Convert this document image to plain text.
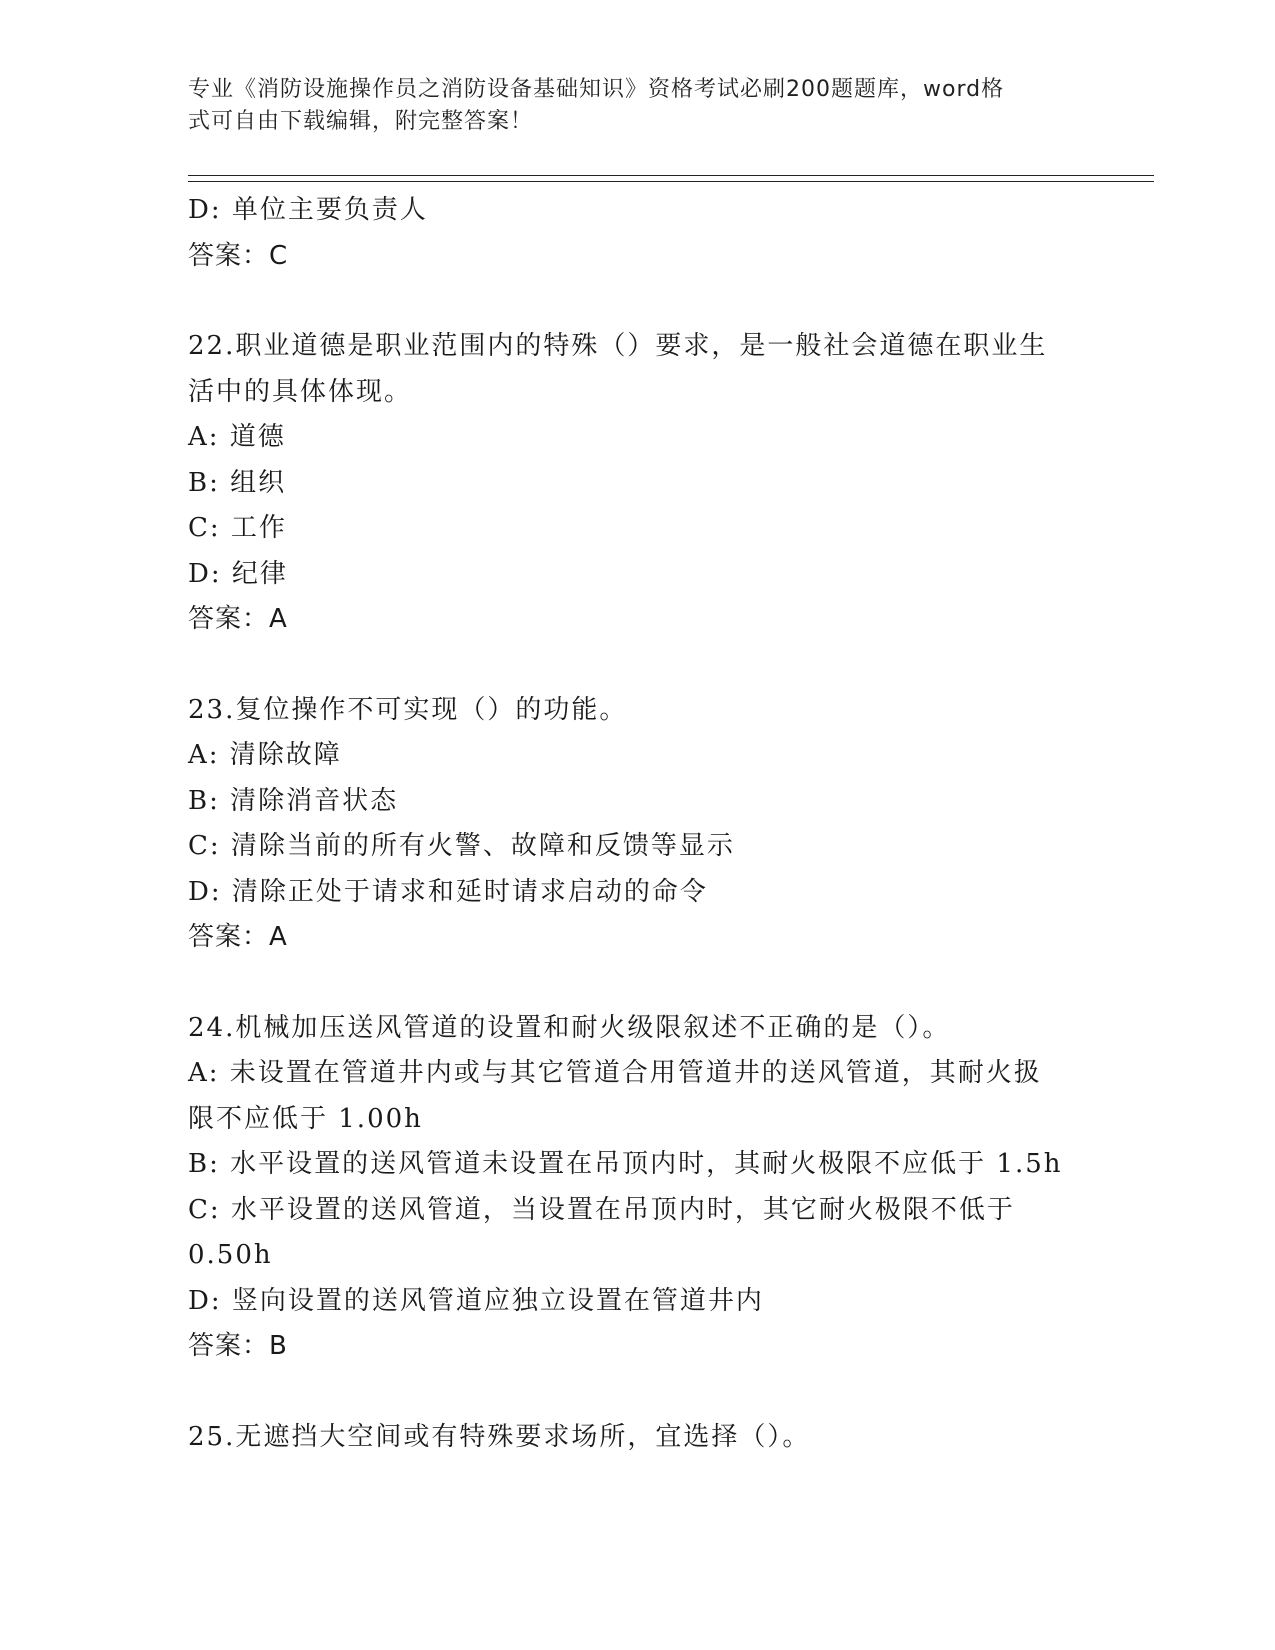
专业《消防设施操作员之消防设备基础知识》资格考试必刷200题题库，word格
式可自由下载编辑，附完整答案！
D: 单位主要负责人
答案：C
22.职业道德是职业范围内的特殊（）要求，是一般社会道德在职业生
活中的具体体现。
A: 道德
B: 组织
C: 工作
D: 纪律
答案：A
23.复位操作不可实现（）的功能。
A: 清除故障
B: 清除消音状态
C: 清除当前的所有火警、故障和反馈等显示
D: 清除正处于请求和延时请求启动的命令
答案：A
24.机械加压送风管道的设置和耐火级限叙述不正确的是（）。
A: 未设置在管道井内或与其它管道合用管道井的送风管道，其耐火扱
限不应低于 1.00h
B: 水平设置的送风管道未设置在吊顶内时，其耐火极限不应低于 1.5h
C: 水平设置的送风管道，当设置在吊顶内时，其它耐火极限不低于
0.50h
D: 竖向设置的送风管道应独立设置在管道井内
答案：B
25.无遮挡大空间或有特殊要求场所，宜选择（）。
